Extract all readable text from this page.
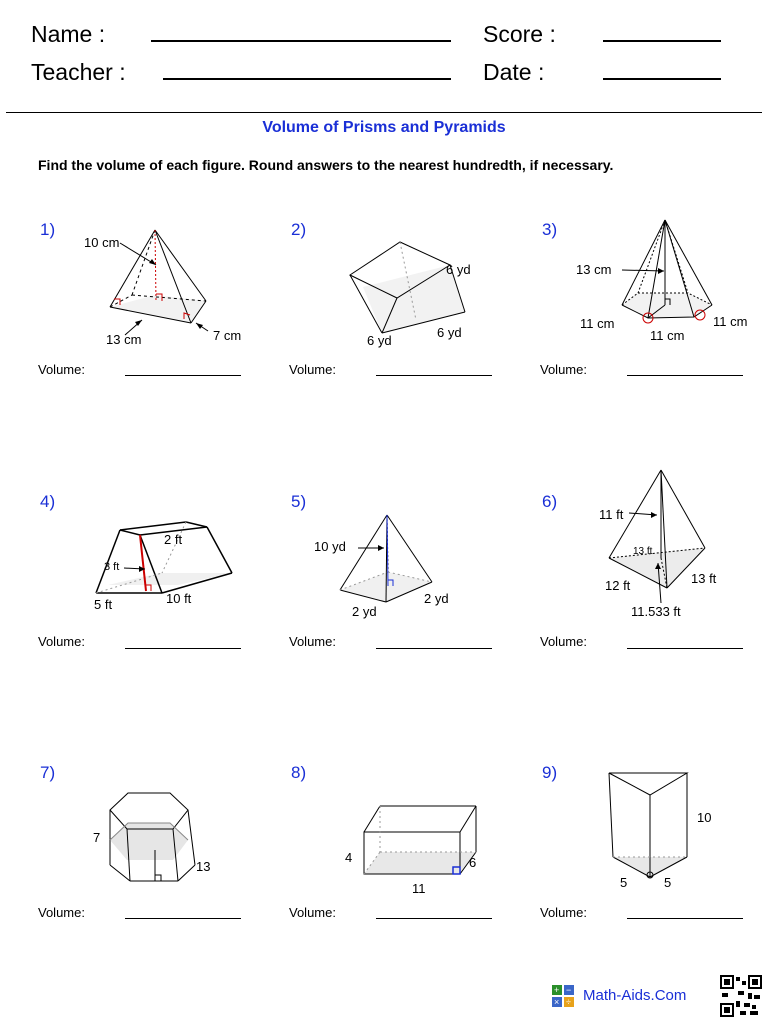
Name :
Teacher :
Score :
Date :
Volume of Prisms and Pyramids
Find the volume of each figure. Round answers to the nearest hundredth, if necessary.
1)	2)	3)
4)	5)	6)
7)	8)	9)
Volume:	Volume:	Volume:
Volume:	Volume:	Volume:
Volume:	Volume:	Volume:
10 cm
13 cm	7 cm
6 yd
6 yd
6 yd
13 cm
11 cm
11 cm
11 cm
2 ft
3 ft
5 ft	10 ft
10 yd
2 yd
2 yd
11 ft
13 ft
12 ft	13 ft
11.533 ft
7
13
4	6
11
10
5	5
+ −
× ÷ Math-Aids.Com
